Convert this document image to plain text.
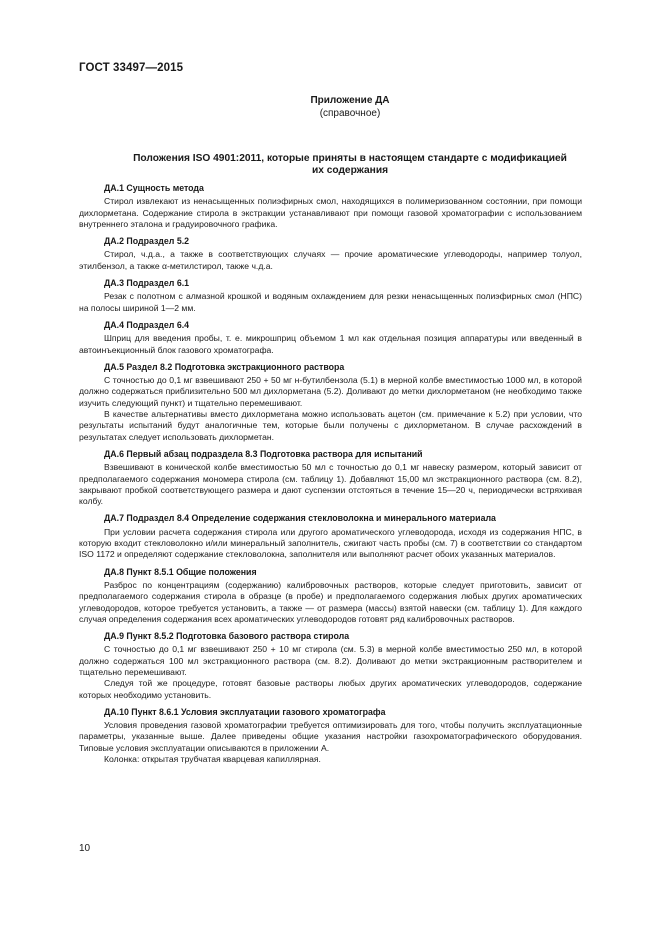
ГОСТ 33497—2015
Приложение ДА
(справочное)
Положения ISO 4901:2011, которые приняты в настоящем стандарте с модификацией
их содержания
ДА.1 Сущность метода

Стирол извлекают из ненасыщенных полиэфирных смол, находящихся в полимеризованном состоянии, при помощи дихлорметана. Содержание стирола в экстракции устанавливают при помощи газовой хроматографии с использованием внутреннего эталона и градуировочного графика.

ДА.2 Подраздел 5.2

Стирол, ч.д.а., а также в соответствующих случаях — прочие ароматические углеводороды, например толуол, этилбензол, а также α-метилстирол, также ч.д.а.

ДА.3 Подраздел 6.1

Резак с полотном с алмазной крошкой и водяным охлаждением для резки ненасыщенных полиэфирных смол (НПС) на полосы шириной 1—2 мм.

ДА.4 Подраздел 6.4

Шприц для введения пробы, т. е. микрошприц объемом 1 мл как отдельная позиция аппаратуры или введенный в автоинъекционный блок газового хроматографа.

ДА.5 Раздел 8.2 Подготовка экстракционного раствора

С точностью до 0,1 мг взвешивают 250 + 50 мг н-бутилбензола (5.1) в мерной колбе вместимостью 1000 мл, в которой должно содержаться приблизительно 500 мл дихлорметана (5.2). Доливают до метки дихлорметаном (не необходимо также изучить следующий пункт) и тщательно перемешивают.

В качестве альтернативы вместо дихлорметана можно использовать ацетон (см. примечание к 5.2) при условии, что результаты испытаний будут аналогичные тем, которые были получены с дихлорметаном. В случае расхождений в результатах следует использовать дихлорметан.

ДА.6 Первый абзац подраздела 8.3 Подготовка раствора для испытаний

Взвешивают в конической колбе вместимостью 50 мл с точностью до 0,1 мг навеску размером, который зависит от предполагаемого содержания мономера стирола (см. таблицу 1). Добавляют 15,00 мл экстракционного раствора (см. 8.2), закрывают пробкой соответствующего размера и дают суспензии отстояться в течение 15—20 ч, периодически встряхивая колбу.

ДА.7 Подраздел 8.4 Определение содержания стекловолокна и минерального материала

При условии расчета содержания стирола или другого ароматического углеводорода, исходя из содержания НПС, в которую входит стекловолокно и/или минеральный заполнитель, сжигают часть пробы (см. 7) в соответствии со стандартом ISO 1172 и определяют содержание стекловолокна, заполнителя или выполняют расчет обоих указанных материалов.

ДА.8 Пункт 8.5.1 Общие положения

Разброс по концентрациям (содержанию) калибровочных растворов, которые следует приготовить, зависит от предполагаемого содержания стирола в образце (в пробе) и предполагаемого содержания любых других ароматических углеводородов, которое требуется установить, а также — от размера (массы) взятой навески (см. таблицу 1). Для каждого случая определения содержания всех ароматических углеводородов готовят ряд калибровочных растворов.

ДА.9 Пункт 8.5.2 Подготовка базового раствора стирола

С точностью до 0,1 мг взвешивают 250 + 10 мг стирола (см. 5.3) в мерной колбе вместимостью 250 мл, в которой должно содержаться 100 мл экстракционного раствора (см. 8.2). Доливают до метки экстракционным растворителем и тщательно перемешивают.

Следуя той же процедуре, готовят базовые растворы любых других ароматических углеводородов, содержание которых необходимо установить.

ДА.10 Пункт 8.6.1 Условия эксплуатации газового хроматографа

Условия проведения газовой хроматографии требуется оптимизировать для того, чтобы получить эксплуатационные параметры, указанные выше. Далее приведены общие указания настройки газохроматографического оборудования. Типовые условия эксплуатации описываются в приложении А.

Колонка: открытая трубчатая кварцевая капиллярная.

10
